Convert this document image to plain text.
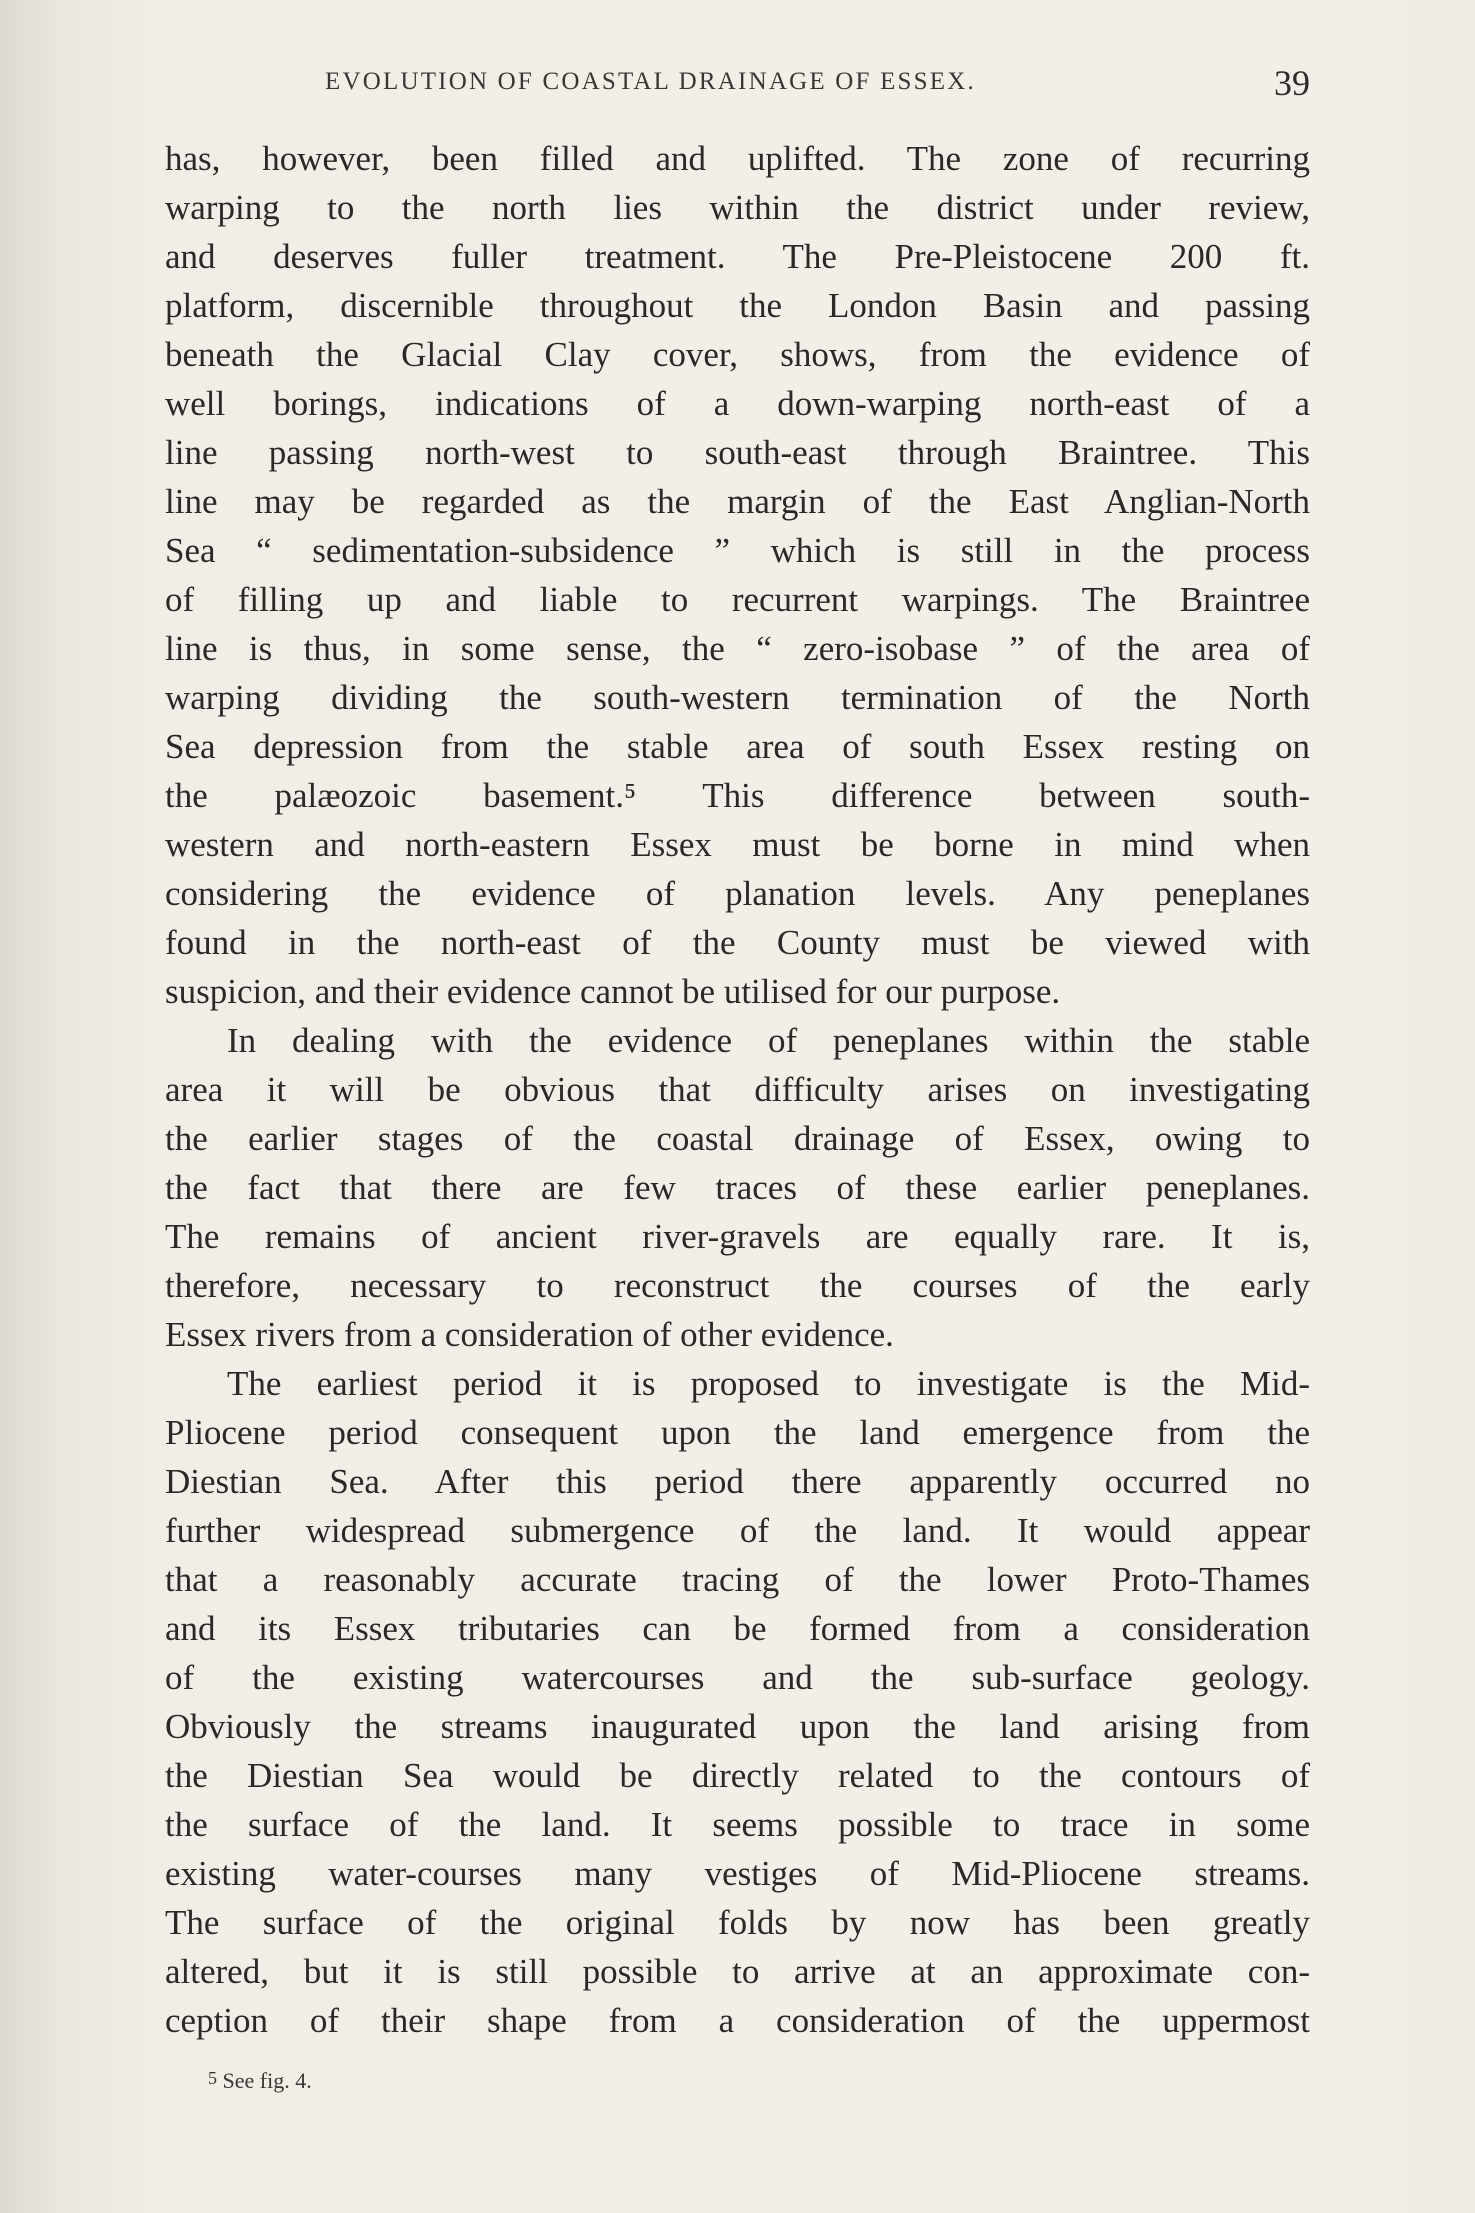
EVOLUTION OF COASTAL DRAINAGE OF ESSEX.	39
has, however, been filled and uplifted. The zone of recurring
warping to the north lies within the district under review,
and deserves fuller treatment. The Pre-Pleistocene 200 ft.
platform, discernible throughout the London Basin and passing
beneath the Glacial Clay cover, shows, from the evidence of
well borings, indications of a down-warping north-east of a
line passing north-west to south-east through Braintree. This
line may be regarded as the margin of the East Anglian-North
Sea “ sedimentation-subsidence ” which is still in the process
of filling up and liable to recurrent warpings. The Braintree
line is thus, in some sense, the “ zero-isobase ” of the area of
warping dividing the south-western termination of the North
Sea depression from the stable area of south Essex resting on
the palæozoic basement.⁵ This difference between south-
western and north-eastern Essex must be borne in mind when
considering the evidence of planation levels. Any peneplanes
found in the north-east of the County must be viewed with
suspicion, and their evidence cannot be utilised for our purpose.
In dealing with the evidence of peneplanes within the stable
area it will be obvious that difficulty arises on investigating
the earlier stages of the coastal drainage of Essex, owing to
the fact that there are few traces of these earlier peneplanes.
The remains of ancient river-gravels are equally rare. It is,
therefore, necessary to reconstruct the courses of the early
Essex rivers from a consideration of other evidence.
The earliest period it is proposed to investigate is the Mid-
Pliocene period consequent upon the land emergence from the
Diestian Sea. After this period there apparently occurred no
further widespread submergence of the land. It would appear
that a reasonably accurate tracing of the lower Proto-Thames
and its Essex tributaries can be formed from a consideration
of the existing watercourses and the sub-surface geology.
Obviously the streams inaugurated upon the land arising from
the Diestian Sea would be directly related to the contours of
the surface of the land. It seems possible to trace in some
existing water-courses many vestiges of Mid-Pliocene streams.
The surface of the original folds by now has been greatly
altered, but it is still possible to arrive at an approximate con-
ception of their shape from a consideration of the uppermost
$^5$ See fig. 4.
